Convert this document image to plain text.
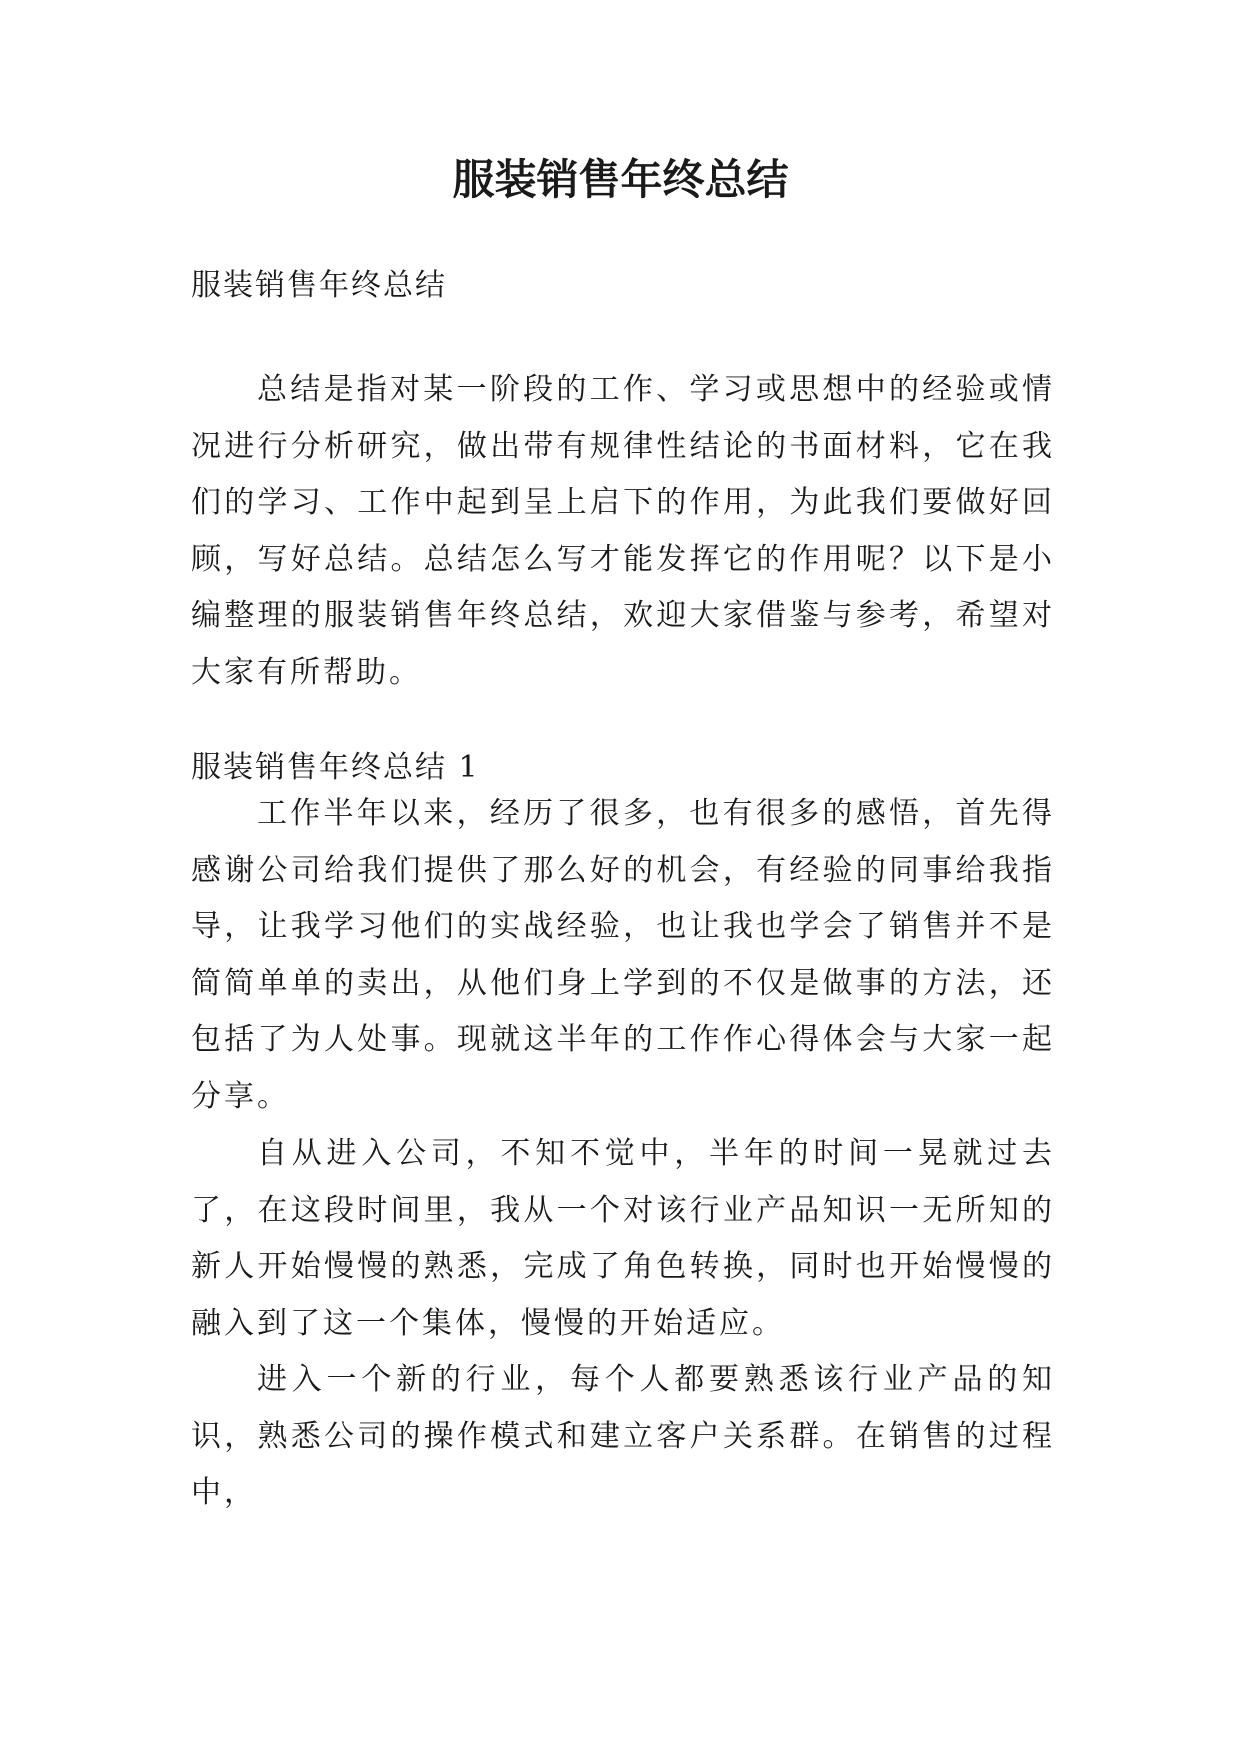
服装销售年终总结

服装销售年终总结

总结是指对某一阶段的工作、学习或思想中的经验或情况进行分析研究，做出带有规律性结论的书面材料，它在我们的学习、工作中起到呈上启下的作用，为此我们要做好回顾，写好总结。总结怎么写才能发挥它的作用呢？以下是小编整理的服装销售年终总结，欢迎大家借鉴与参考，希望对大家有所帮助。

服装销售年终总结 1

工作半年以来，经历了很多，也有很多的感悟，首先得感谢公司给我们提供了那么好的机会，有经验的同事给我指导，让我学习他们的实战经验，也让我也学会了销售并不是简简单单的卖出，从他们身上学到的不仅是做事的方法，还包括了为人处事。现就这半年的工作作心得体会与大家一起分享。

自从进入公司，不知不觉中，半年的时间一晃就过去了，在这段时间里，我从一个对该行业产品知识一无所知的新人开始慢慢的熟悉，完成了角色转换，同时也开始慢慢的融入到了这一个集体，慢慢的开始适应。

进入一个新的行业，每个人都要熟悉该行业产品的知识，熟悉公司的操作模式和建立客户关系群。在销售的过程中，
